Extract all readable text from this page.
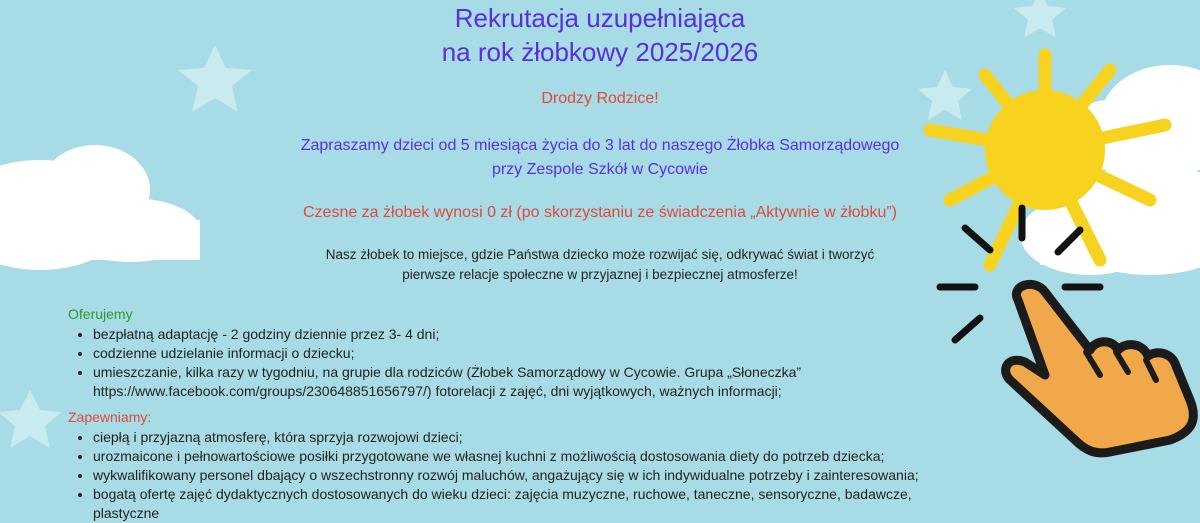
Rekrutacja uzupełniająca
na rok żłobkowy 2025/2026
Drodzy Rodzice!
Zapraszamy dzieci od 5 miesiąca życia do 3 lat do naszego Żłobka Samorządowego
przy Zespole Szkół w Cycowie
Czesne za żłobek wynosi 0 zł (po skorzystaniu ze świadczenia „Aktywnie w żłobku”)
Nasz żłobek to miejsce, gdzie Państwa dziecko może rozwijać się, odkrywać świat i tworzyć
pierwsze relacje społeczne w przyjaznej i bezpiecznej atmosferze!
Oferujemy
• bezpłatną adaptację - 2 godziny dziennie przez 3- 4 dni;
• codzienne udzielanie informacji o dziecku;
• umieszczanie, kilka razy w tygodniu, na grupie dla rodziców (Żłobek Samorządowy w Cycowie. Grupa „Słoneczka” https://www.facebook.com/groups/230648851656797/) fotorelacji z zajęć, dni wyjątkowych, ważnych informacji;
Zapewniamy:
• ciepłą i przyjazną atmosferę, która sprzyja rozwojowi dzieci;
• urozmaicone i pełnowartościowe posiłki przygotowane we własnej kuchni z możliwością dostosowania diety do potrzeb dziecka;
• wykwalifikowany personel dbający o wszechstronny rozwój maluchów, angażujący się w ich indywidualne potrzeby i zainteresowania;
• bogatą ofertę zajęć dydaktycznych dostosowanych do wieku dzieci: zajęcia muzyczne, ruchowe, taneczne, sensoryczne, badawcze, plastyczne
